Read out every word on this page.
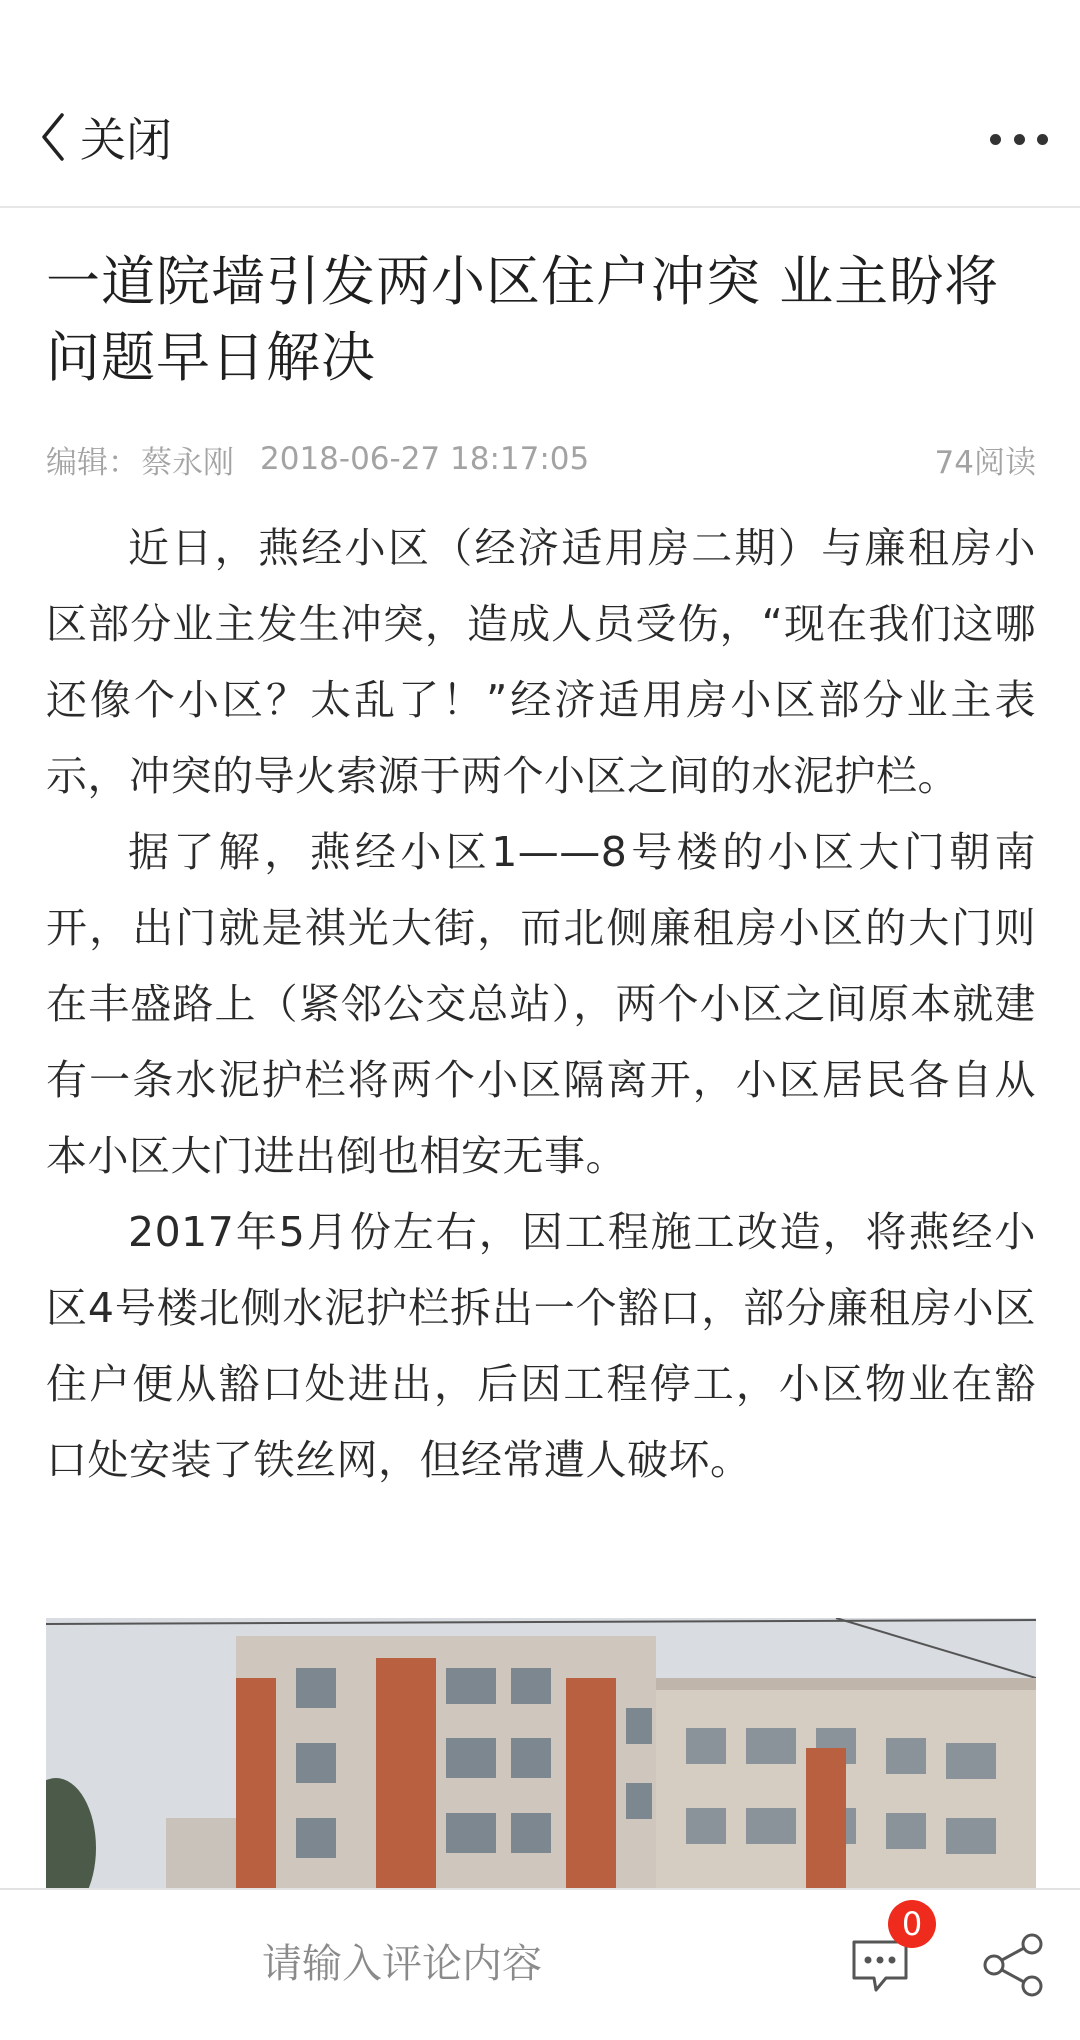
关闭
一道院墙引发两小区住户冲突 业主盼将问题早日解决
编辑： 蔡永刚 2018-06-27 18:17:05	74阅读

近日，燕经小区（经济适用房二期）与廉租房小区部分业主发生冲突，造成人员受伤，“现在我们这哪还像个小区？太乱了！”经济适用房小区部分业主表示，冲突的导火索源于两个小区之间的水泥护栏。

据了解，燕经小区1——8号楼的小区大门朝南开，出门就是祺光大街，而北侧廉租房小区的大门则在丰盛路上（紧邻公交总站），两个小区之间原本就建有一条水泥护栏将两个小区隔离开，小区居民各自从本小区大门进出倒也相安无事。

2017年5月份左右，因工程施工改造，将燕经小区4号楼北侧水泥护栏拆出一个豁口，部分廉租房小区住户便从豁口处进出，后因工程停工，小区物业在豁口处安装了铁丝网，但经常遭人破坏。

请输入评论内容
0
